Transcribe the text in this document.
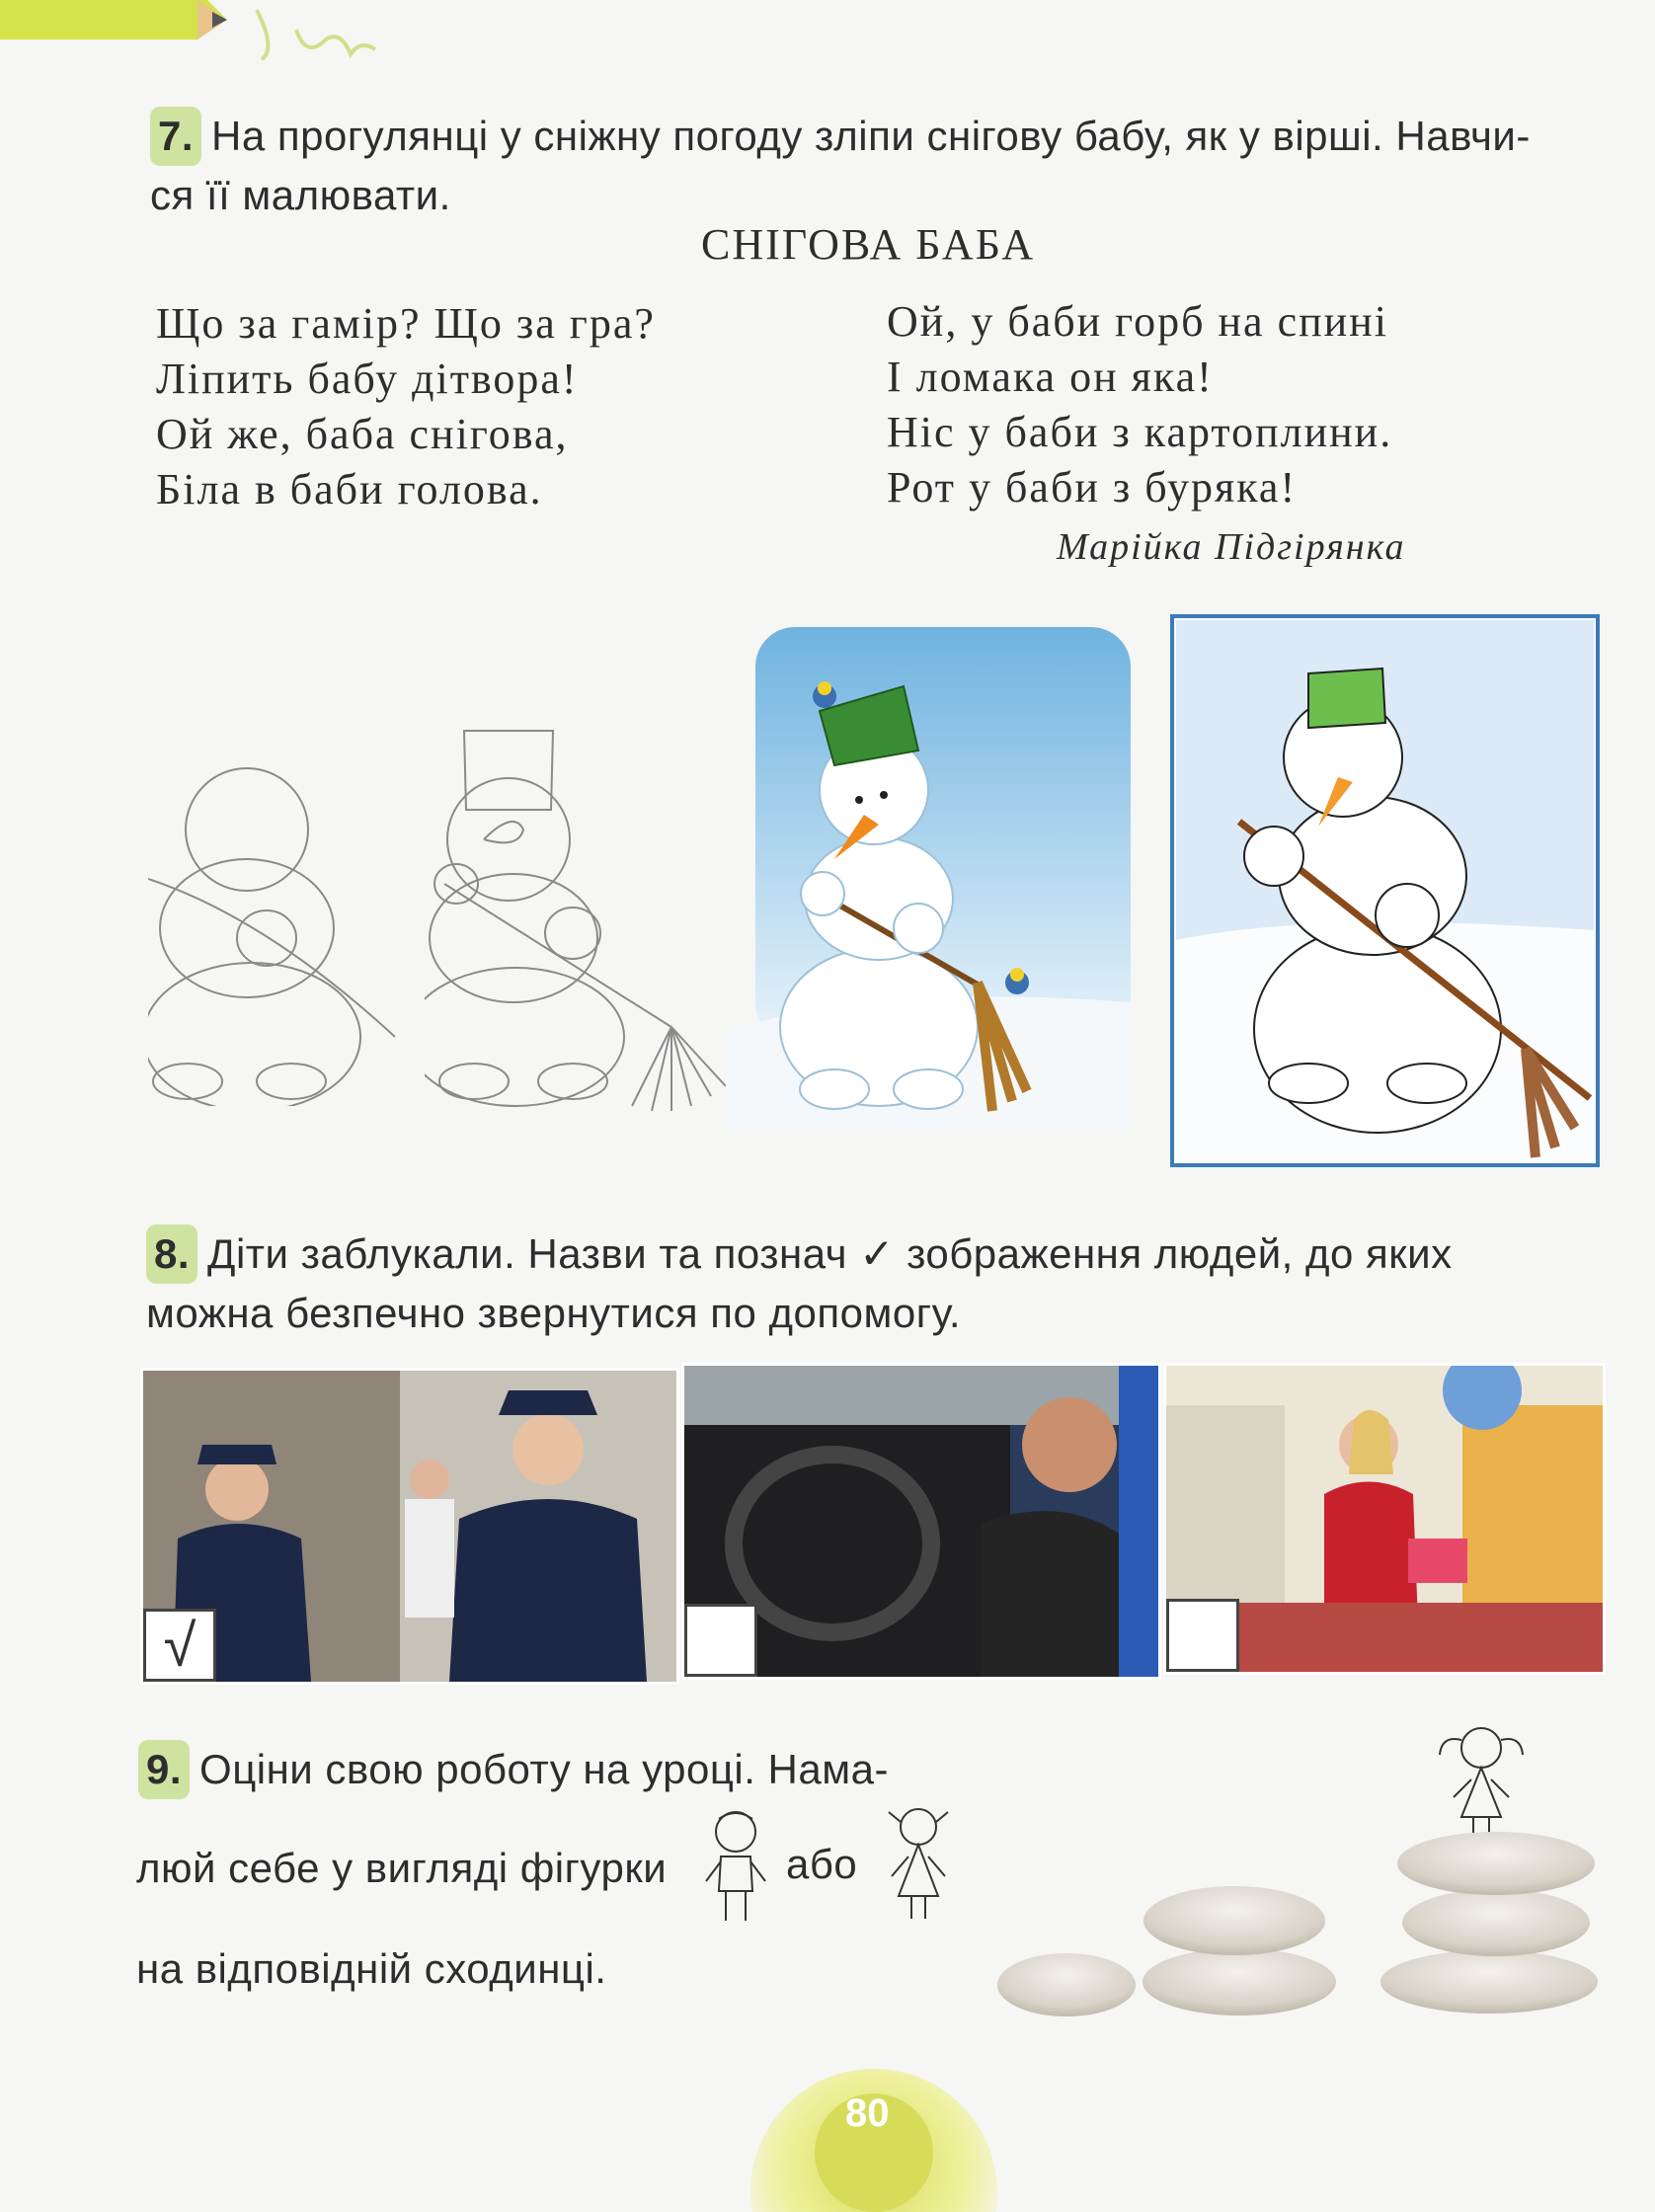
7. На прогулянці у сніжну погоду зліпи снігову бабу, як у вірші. Навчи-
ся її малювати.
СНІГОВА БАБА

Що за гамір? Що за гра?

Ліпить бабу дітвора!

Ой же, баба снігова,

Біла в баби голова.

Ой, у баби горб на спині

І ломака он яка!

Ніс у баби з картоплини.

Рот у баби з буряка!

Марійка Підгірянка
8. Діти заблукали. Назви та познач ✓ зображення людей, до яких
можна безпечно звернутися по допомогу.
√
9. Оціни свою роботу на уроці. Нама-
люй себе у вигляді фігурки	або
на відповідній сходинці.
80
